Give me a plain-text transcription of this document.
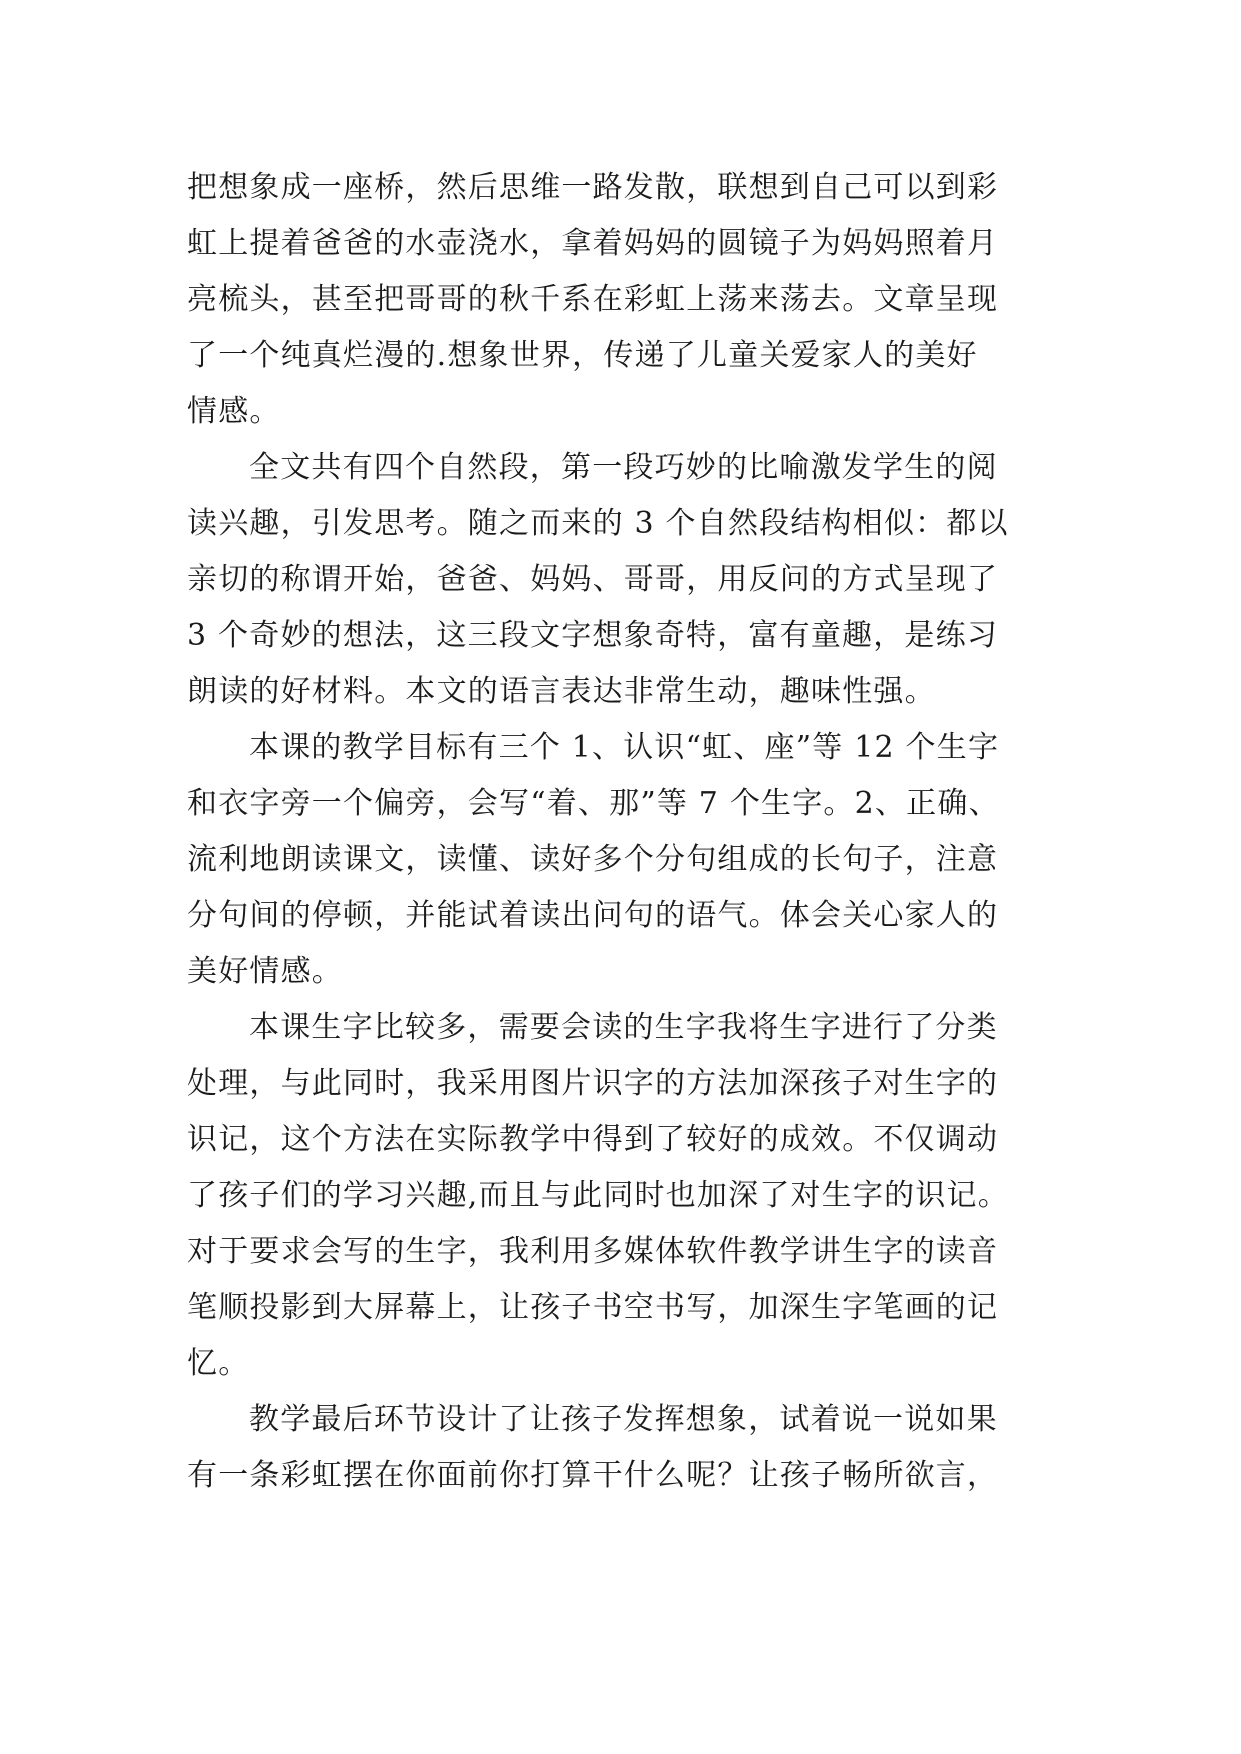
把想象成一座桥，然后思维一路发散，联想到自己可以到彩
虹上提着爸爸的水壶浇水，拿着妈妈的圆镜子为妈妈照着月
亮梳头，甚至把哥哥的秋千系在彩虹上荡来荡去。文章呈现
了一个纯真烂漫的.想象世界，传递了儿童关爱家人的美好
情感。

全文共有四个自然段，第一段巧妙的比喻激发学生的阅
读兴趣，引发思考。随之而来的 3 个自然段结构相似：都以
亲切的称谓开始，爸爸、妈妈、哥哥，用反问的方式呈现了
3 个奇妙的想法，这三段文字想象奇特，富有童趣，是练习
朗读的好材料。本文的语言表达非常生动，趣味性强。

本课的教学目标有三个 1、认识“虹、座”等 12 个生字
和衣字旁一个偏旁，会写“着、那”等 7 个生字。2、正确、
流利地朗读课文，读懂、读好多个分句组成的长句子，注意
分句间的停顿，并能试着读出问句的语气。体会关心家人的
美好情感。

本课生字比较多，需要会读的生字我将生字进行了分类
处理，与此同时，我采用图片识字的方法加深孩子对生字的
识记，这个方法在实际教学中得到了较好的成效。不仅调动
了孩子们的学习兴趣,而且与此同时也加深了对生字的识记。
对于要求会写的生字，我利用多媒体软件教学讲生字的读音
笔顺投影到大屏幕上，让孩子书空书写，加深生字笔画的记
忆。

教学最后环节设计了让孩子发挥想象，试着说一说如果
有一条彩虹摆在你面前你打算干什么呢？让孩子畅所欲言，
